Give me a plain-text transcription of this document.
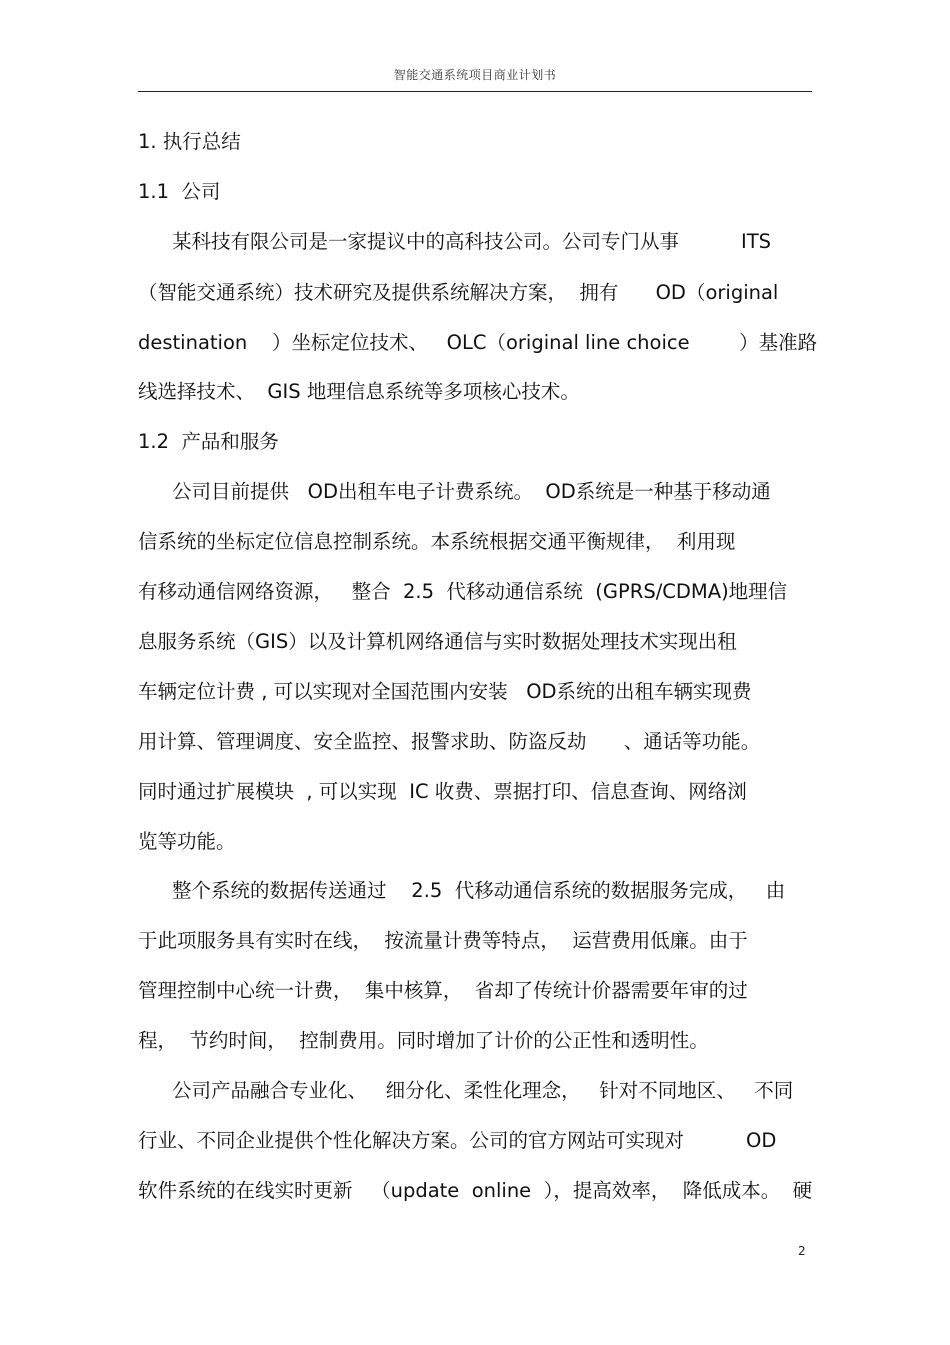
智能交通系统项目商业计划书
1. 执行总结
1.1  公司
某科技有限公司是一家提议中的高科技公司。公司专门从事          ITS
（智能交通系统）技术研究及提供系统解决方案，  拥有      OD（original
destination    ）坐标定位技术、   OLC（original line choice        ）基准路
线选择技术、  GIS 地理信息系统等多项核心技术。
1.2  产品和服务
公司目前提供   OD出租车电子计费系统。  OD系统是一种基于移动通
信系统的坐标定位信息控制系统。本系统根据交通平衡规律，  利用现
有移动通信网络资源，   整合  2.5  代移动通信系统  (GPRS/CDMA)地理信
息服务系统（GIS）以及计算机网络通信与实时数据处理技术实现出租
车辆定位计费 , 可以实现对全国范围内安装   OD系统的出租车辆实现费
用计算、管理调度、安全监控、报警求助、防盗反劫      、通话等功能。
同时通过扩展模块  , 可以实现  IC 收费、票据打印、信息查询、网络浏
览等功能。
整个系统的数据传送通过    2.5  代移动通信系统的数据服务完成，   由
于此项服务具有实时在线，  按流量计费等特点，  运营费用低廉。由于
管理控制中心统一计费，  集中核算，  省却了传统计价器需要年审的过
程，  节约时间，  控制费用。同时增加了计价的公正性和透明性。
公司产品融合专业化、   细分化、柔性化理念，   针对不同地区、   不同
行业、不同企业提供个性化解决方案。公司的官方网站可实现对          OD
软件系统的在线实时更新   （update  online  ），提高效率，  降低成本。  硬
2
